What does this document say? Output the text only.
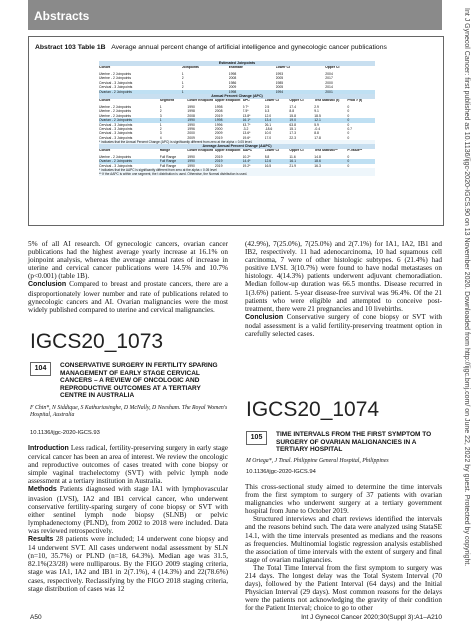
Abstracts	Int J Gynecol Cancer: first published as 10.1136/ijgc-2020-IGCS.90 on 13 November 2020. Downloaded from http://ijgc.bmj.com/ on June 22, 2022 by guest. Protected by copyright.
Abstract 103 Table 1B Average annual percent change of artificial intelligence and gynecologic cancer publications
Estimated Joinpoints
Cohort	Joinpoints	Estimate	Lower CI	Upper CI
Uterine - 2 Joinpoints	1	1998	1993	2004
Uterine - 2 Joinpoints	2	2008	2005	2017
Cervical - 3 Joinpoints	1	1986	1985	2000
Cervical - 3 Joinpoints	2	2009	2005	2014
Ovarian - 2 Joinpoints	1	1998	1994	2001
Annual Percent Change (APC)
Cohort	Segment	Lower Endpoint Upper Endpoint APC	Lower CI	Upper CI	Test Statistic (t)	Prob > |t|
Uterine - 2 Joinpoints	1	1990	1998	9.7*	2.5	17.4	2.9	0
Uterine - 2 Joinpoints	2	1998	2008	7.5*	6.3	8.8	9.1	0
Uterine - 2 Joinpoints	3	2008	2019	13.8*	12.0	15.8	18.5	0
Ovarian - 2 Joinpoints	1	1990	1998	16.1*	13.4	19.0	12.1	0
Cervical - 3 Joinpoints	1	1990	1996	43.7*	26.1	63.8	5.9	0
Cervical - 3 Joinpoints	2	1996	2000	-3.2	-18.6	15.1	-0.4	0.7
Cervical - 3 Joinpoints	3	2000	2009	13.6*	10.0	17.3	8.8	0
Cervical - 3 Joinpoints	4	2009	2019	19.6*	17.0	22.3	17.8	0
* indicates that the Annual Percent Change (APC) is significantly different from zero at the alpha = 0.05 level.
Average Annual Percent Change (AAPC)
Cohort	Range	Lower Endpoint Upper Endpoint AAPC	Lower CI	Upper CI	Test Statistic**	P-Value**
Uterine - 2 Joinpoints	Full Range	1990	2019	10.2*	8.8	11.6	14.8	0
Ovarian - 2 Joinpoints	Full Range	1990	2019	14.4*	12.6	16.1	18.6	0
Cervical - 3 Joinpoints	Full Range	1990	2019	19.2*	16.5	21.9	16.3	0
* indicates that the AAPC is significantly different from zero at the alpha = 0.05 level
** If the AAPC is within one segment, the t distribution is used. Otherwise, the Normal distribution is used.

5% of all AI research. Of gynecologic cancers, ovarian cancer publications had the highest average yearly increase at 16.1% on joinpoint analysis, whereas the average annual rates of increase in uterine and cervical cancer publications were 14.5% and 10.7% (p<0.001) (table 1B).

Conclusion Compared to breast and prostate cancers, there are a disproportionately lower number and rate of publications related to gynecologic cancers and AI. Ovarian malignancies were the most widely published compared to uterine and cervical malignancies.

IGCS20_1073
104	CONSERVATIVE SURGERY IN FERTILITY SPARING MANAGEMENT OF EARLY STAGE CERVICAL CANCERS – A REVIEW OF ONCOLOGIC AND REPRODUCTIVE OUTCOMES AT A TERTIARY CENTRE IN AUSTRALIA
F Chin*, N Siddique, S Kathuriasinghe, D McNally, D Neesham. The Royal Women's Hospital, Australia
10.1136/ijgc-2020-IGCS.93

Introduction Less radical, fertility-preserving surgery in early stage cervical cancer has been an area of interest. We review the oncologic and reproductive outcomes of cases treated with cone biopsy or simple vaginal trachelectomy (SVT) with pelvic lymph node assessment at a tertiary institution in Australia.

Methods Patients diagnosed with stage IA1 with lymphovascular invasion (LVSI), IA2 and IB1 cervical cancer, who underwent conservative fertility-sparing surgery of cone biopsy or SVT with either sentinel lymph node biopsy (SLNB) or pelvic lymphadenectomy (PLND), from 2002 to 2018 were included. Data was reviewed retrospectively.

Results 28 patients were included; 14 underwent cone biopsy and 14 underwent SVT. All cases underwent nodal assessment by SLN (n=10, 35.7%) or PLND (n=18, 64.3%). Median age was 31.5, 82.1%(23/28) were nulliparous. By the FIGO 2009 staging criteria, stage was IA1, IA2 and IB1 in 2(7.1%), 4 (14.3%) and 22(78.6%) cases, respectively. Reclassifying by the FIGO 2018 staging criteria, stage distribution of cases was 12

(42.9%), 7(25.0%), 7(25.0%) and 2(7.1%) for IA1, IA2, IB1 and IB2, respectively. 11 had adenocarcinoma, 10 had squamous cell carcinoma, 7 were of other histologic subtypes. 6 (21.4%) had positive LVSI. 3(10.7%) were found to have nodal metastases on histology. 4(14.3%) patients underwent adjuvant chemoradiation. Median follow-up duration was 66.5 months. Disease recurred in 1(3.6%) patient. 5-year disease-free survival was 96.4%. Of the 21 patients who were eligible and attempted to conceive post-treatment, there were 21 pregnancies and 10 livebirths.

Conclusion Conservative surgery of cone biopsy or SVT with nodal assessment is a valid fertility-preserving treatment option in carefully selected cases.

IGCS20_1074
105	TIME INTERVALS FROM THE FIRST SYMPTOM TO SURGERY OF OVARIAN MALIGNANCIES IN A TERTIARY HOSPITAL
M Ortega*, J Tinal. Philippine General Hospital, Philippines
10.1136/ijgc-2020-IGCS.94

This cross-sectional study aimed to determine the time intervals from the first symptom to surgery of 37 patients with ovarian malignancies who underwent surgery at a tertiary government hospital from June to October 2019.

Structured interviews and chart reviews identified the intervals and the reasons behind such. The data were analyzed using StataSE 14.1, with the time intervals presented as medians and the reasons as frequencies. Multinomial logistic regression analysis established the association of time intervals with the extent of surgery and final stage of ovarian malignancies.

The Total Time Interval from the first symptom to surgery was 214 days. The longest delay was the Total System Interval (70 days), followed by the Patient Interval (64 days) and the Initial Physician Interval (29 days). Most common reasons for the delays were the patients not acknowledging the gravity of their condition for the Patient Interval; choice to go to other

A50	Int J Gynecol Cancer 2020;30(Suppl 3):A1–A210
